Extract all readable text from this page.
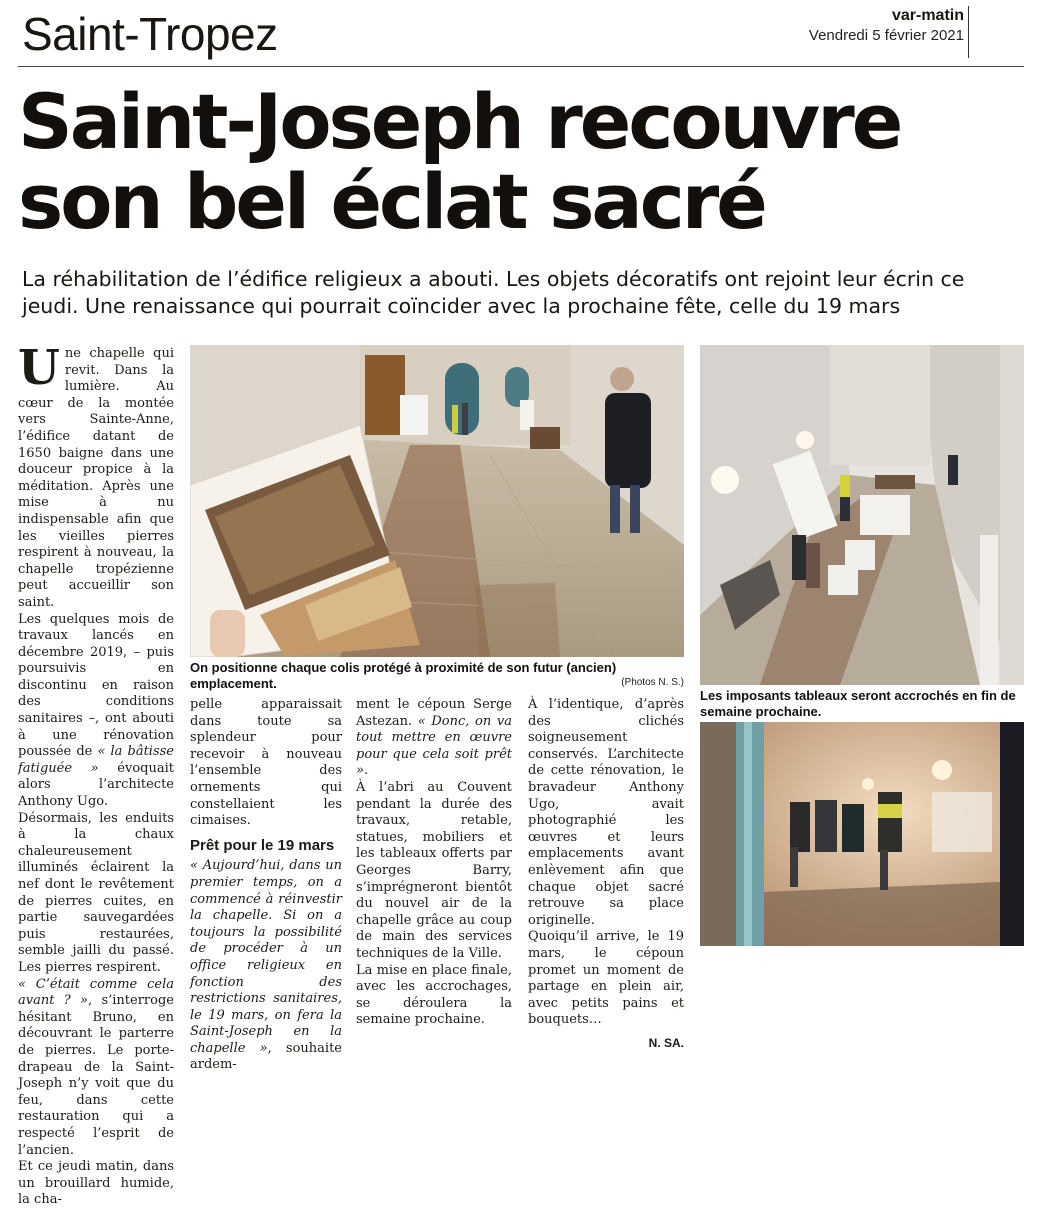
Saint-Tropez	var-matin
Vendredi 5 février 2021
Saint-Joseph recouvre
son bel éclat sacré
La réhabilitation de l’édifice religieux a abouti. Les objets décoratifs ont rejoint leur écrin ce jeudi. Une renaissance qui pourrait coïncider avec la prochaine fête, celle du 19 mars
On positionne chaque colis protégé à proximité de son futur (ancien) emplacement.	(Photos N. S.)
Les imposants tableaux seront accrochés en fin de semaine prochaine.

Une chapelle qui revit. Dans la lumière. Au cœur de la montée vers Sainte-Anne, l’édifice datant de 1650 baigne dans une douceur propice à la méditation. Après une mise à nu indispensable afin que les vieilles pierres respirent à nouveau, la chapelle tropézienne peut accueillir son saint.

Les quelques mois de travaux lancés en décembre 2019, – puis poursuivis en discontinu en raison des conditions sanitaires –, ont abouti à une rénovation poussée de « la bâtisse fatiguée » évoquait alors l’architecte Anthony Ugo.

Désormais, les enduits à la chaux chaleureusement illuminés éclairent la nef dont le revêtement de pierres cuites, en partie sauvegardées puis restaurées, semble jailli du passé. Les pierres respirent.

« C’était comme cela avant ? », s’interroge hésitant Bruno, en découvrant le parterre de pierres. Le porte-drapeau de la Saint-Joseph n’y voit que du feu, dans cette restauration qui a respecté l’esprit de l’ancien.

Et ce jeudi matin, dans un brouillard humide, la cha-

pelle apparaissait dans toute sa splendeur pour recevoir à nouveau l’ensemble des ornements qui constellaient les cimaises.

Prêt pour le 19 mars

« Aujourd’hui, dans un premier temps, on a commencé à réinvestir la chapelle. Si on a toujours la possibilité de procéder à un office religieux en fonction des restrictions sanitaires, le 19 mars, on fera la Saint-Joseph en la chapelle », souhaite ardem-

ment le cépoun Serge Astezan. « Donc, on va tout mettre en œuvre pour que cela soit prêt ».

À l’abri au Couvent pendant la durée des travaux, retable, statues, mobiliers et les tableaux offerts par Georges Barry, s’imprégneront bientôt du nouvel air de la chapelle grâce au coup de main des services techniques de la Ville.

La mise en place finale, avec les accrochages, se déroulera la semaine prochaine.

À l’identique, d’après des clichés soigneusement conservés. L’architecte de cette rénovation, le bravadeur Anthony Ugo, avait photographié les œuvres et leurs emplacements avant enlèvement afin que chaque objet sacré retrouve sa place originelle.

Quoiqu’il arrive, le 19 mars, le cépoun promet un moment de partage en plein air, avec petits pains et bouquets…

N. SA.
